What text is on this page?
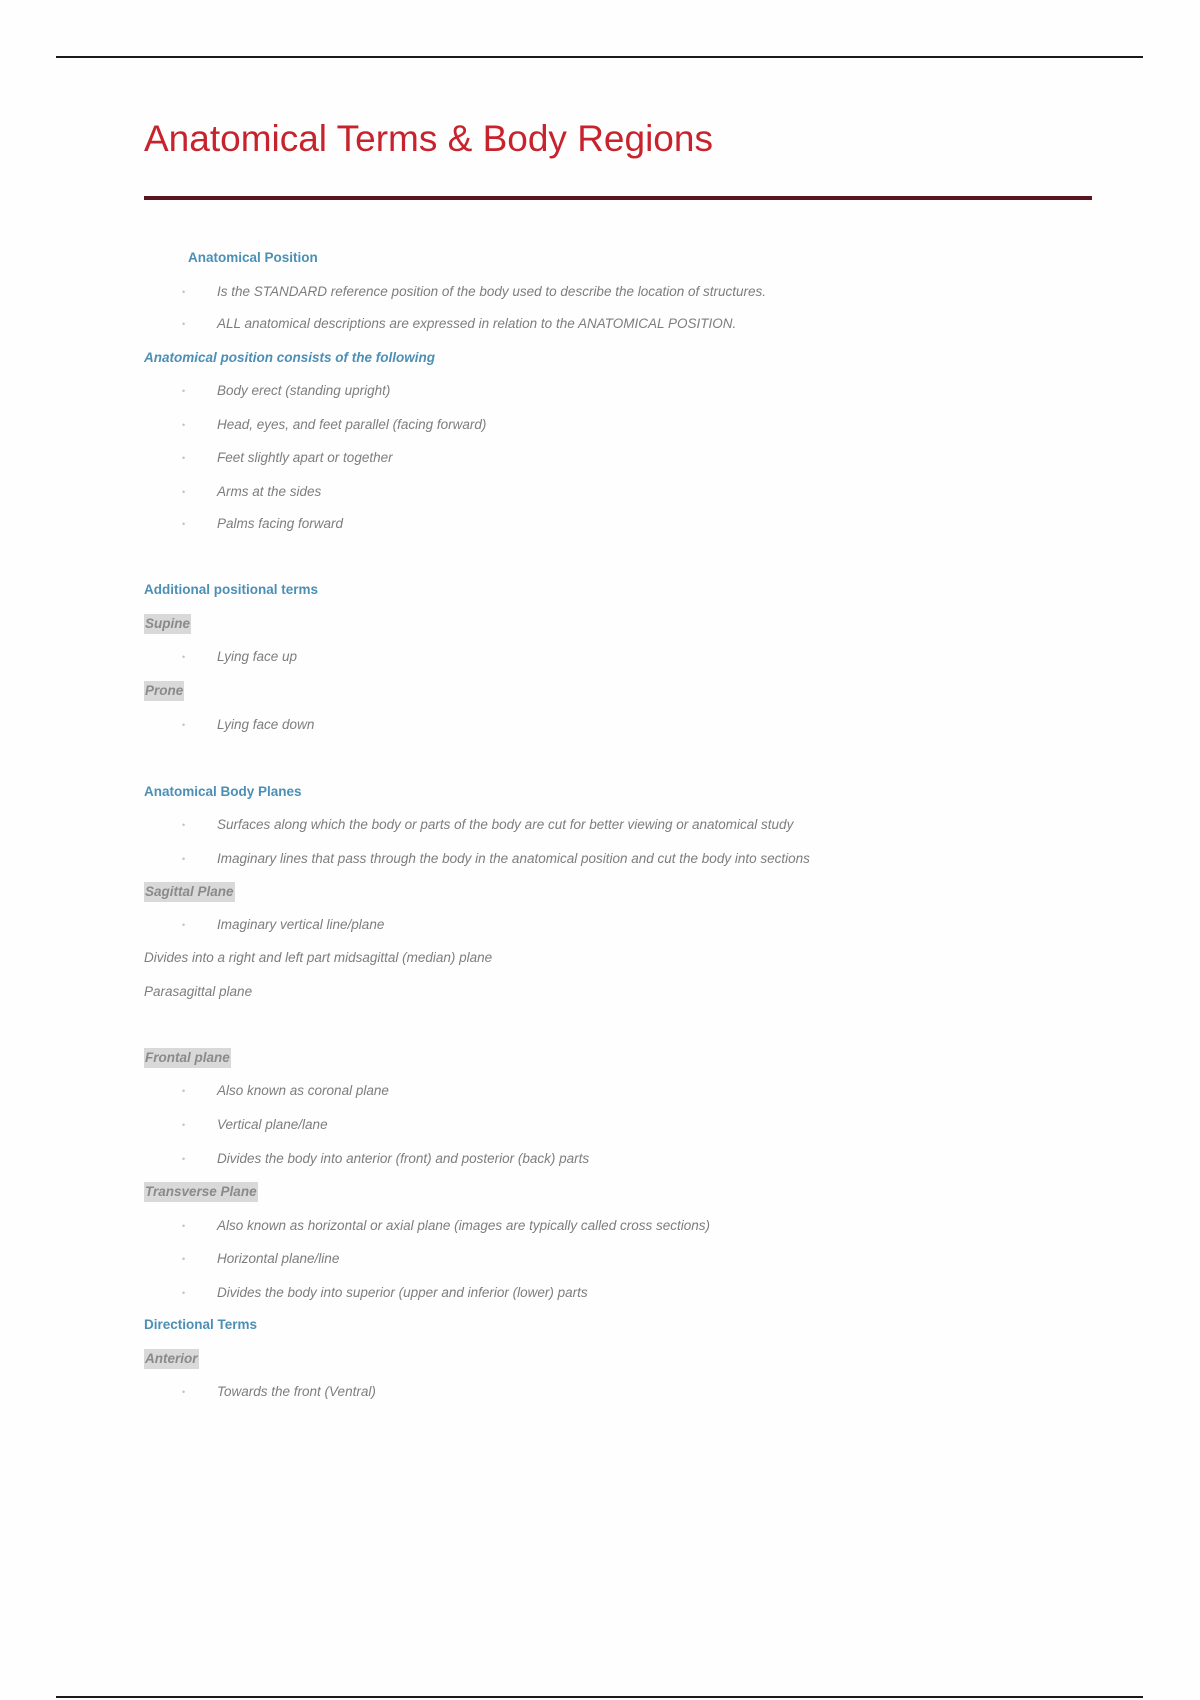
Anatomical Terms & Body Regions
Anatomical Position
• Is the STANDARD reference position of the body used to describe the location of structures.
• ALL anatomical descriptions are expressed in relation to the ANATOMICAL POSITION.
Anatomical position consists of the following
• Body erect (standing upright)
• Head, eyes, and feet parallel (facing forward)
• Feet slightly apart or together
• Arms at the sides
• Palms facing forward
Additional positional terms
Supine
• Lying face up
Prone
• Lying face down
Anatomical Body Planes
• Surfaces along which the body or parts of the body are cut for better viewing or anatomical study
• Imaginary lines that pass through the body in the anatomical position and cut the body into sections
Sagittal Plane
• Imaginary vertical line/plane
Divides into a right and left part midsagittal (median) plane
Parasagittal plane
Frontal plane
• Also known as coronal plane
• Vertical plane/lane
• Divides the body into anterior (front) and posterior (back) parts
Transverse Plane
• Also known as horizontal or axial plane (images are typically called cross sections)
• Horizontal plane/line
• Divides the body into superior (upper and inferior (lower) parts
Directional Terms
Anterior
• Towards the front (Ventral)
